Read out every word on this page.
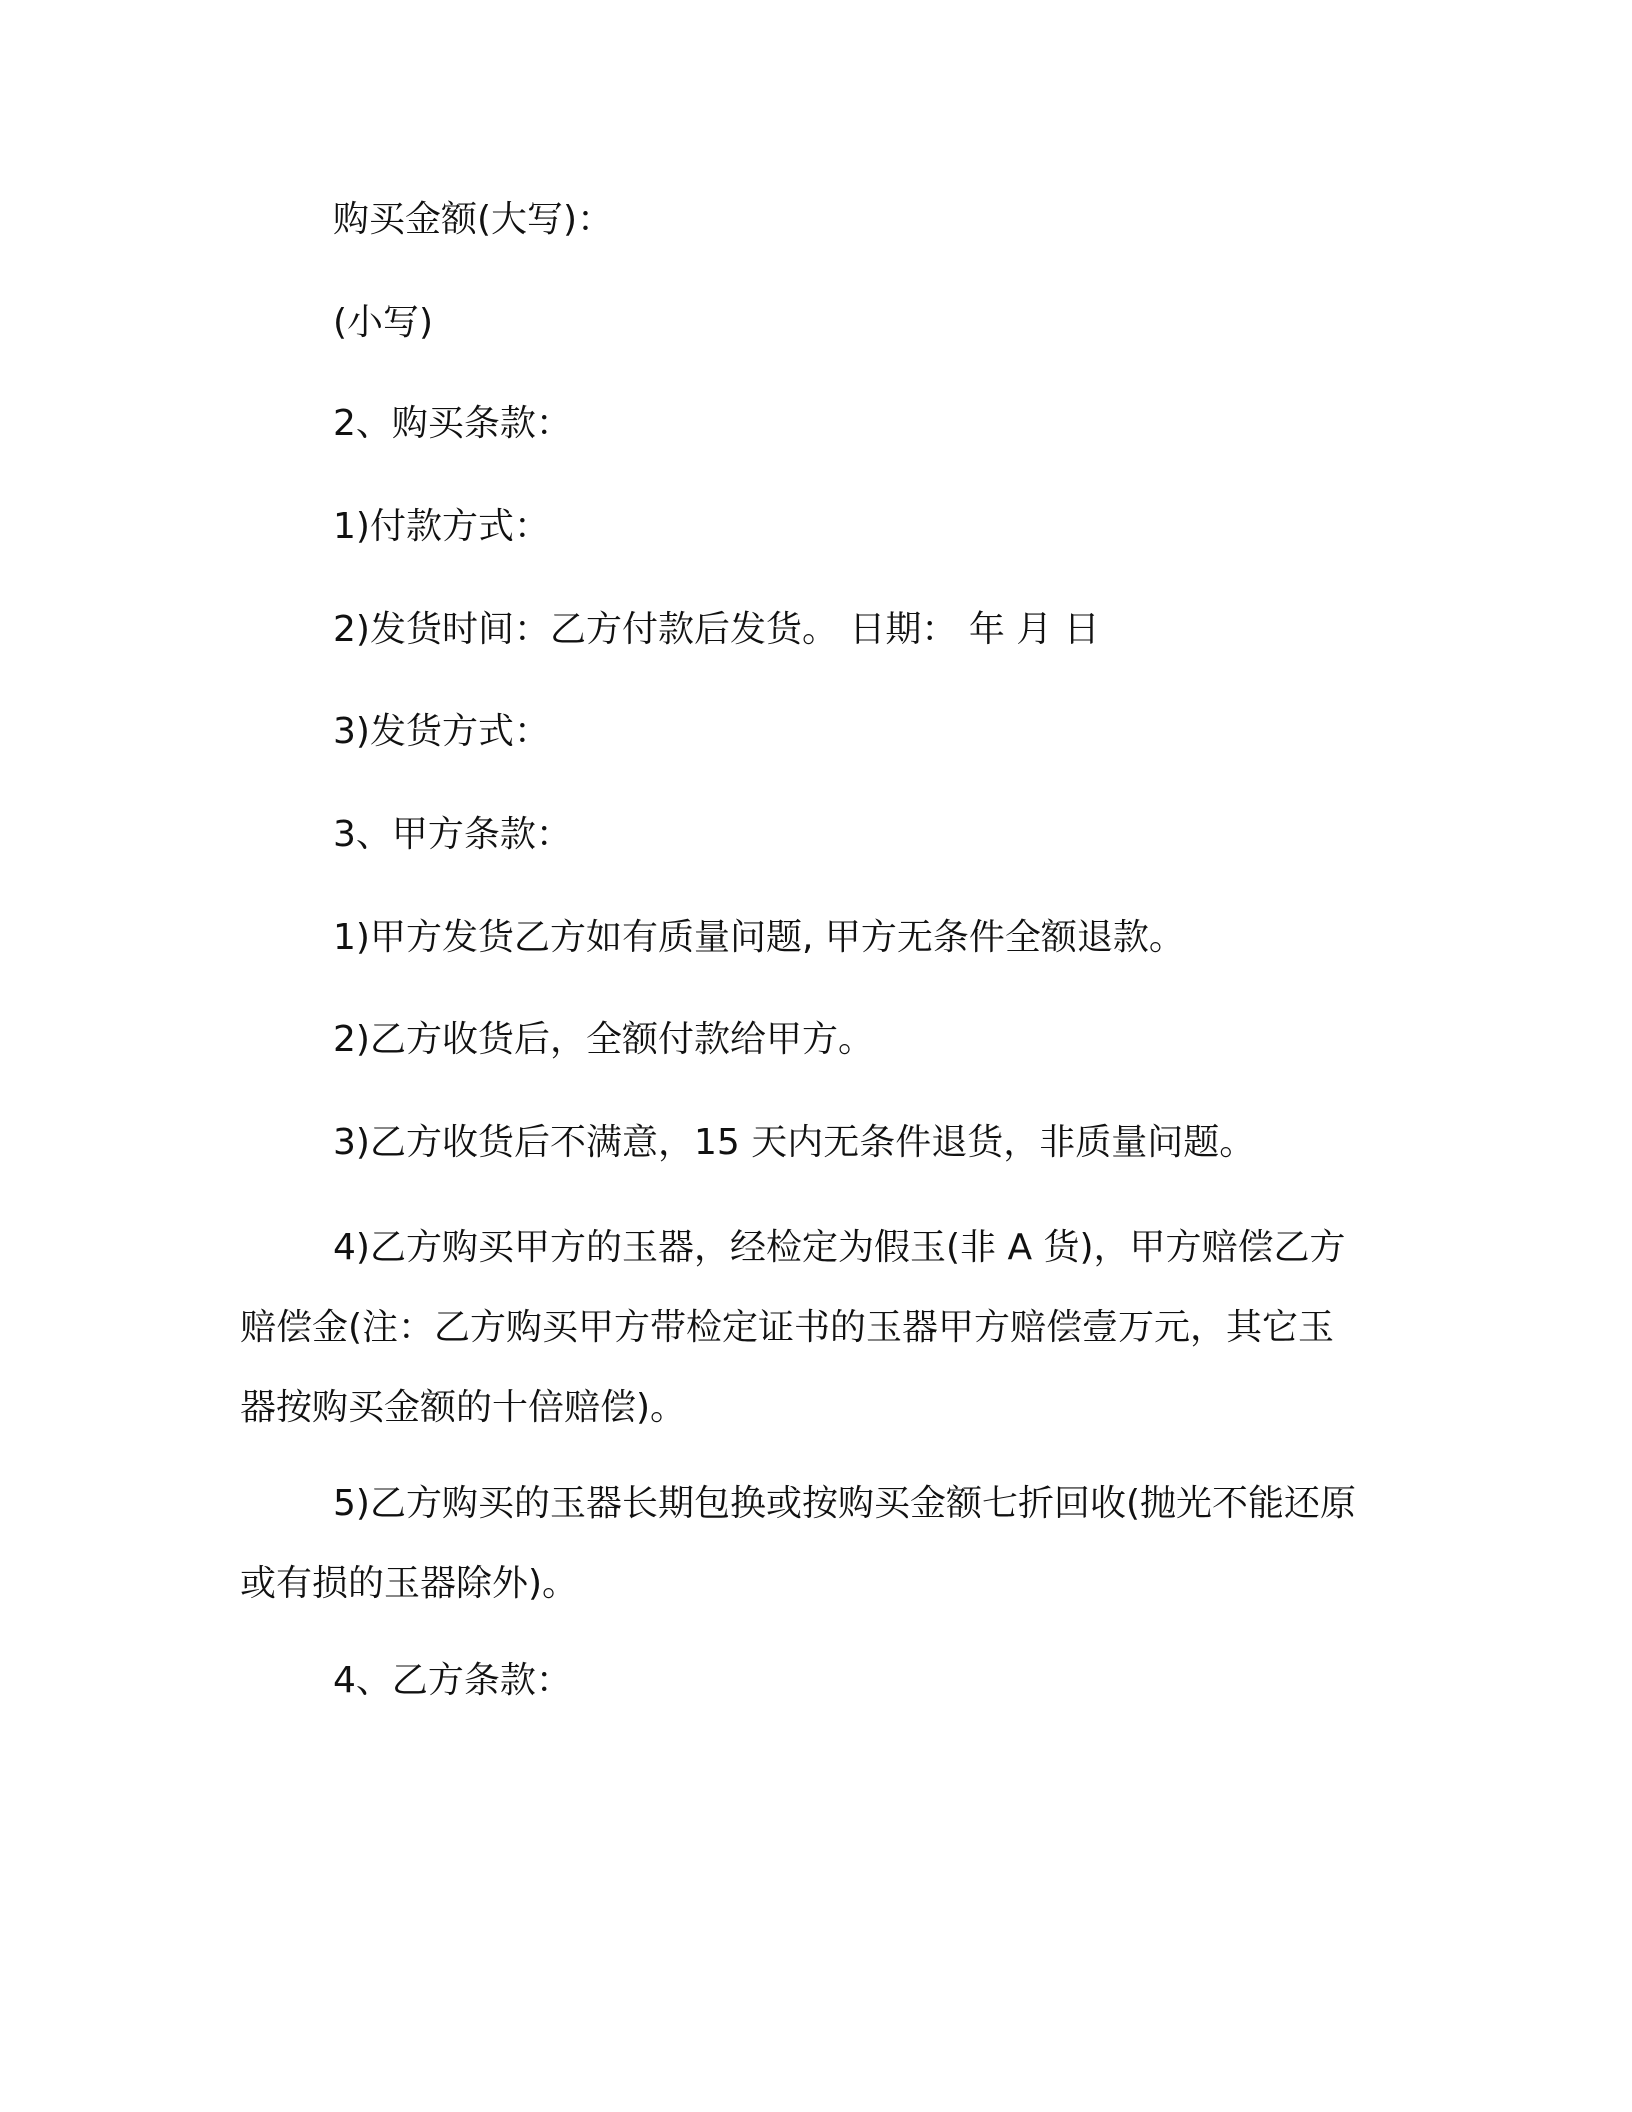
购买金额(大写)：
(小写)
2、购买条款：
1)付款方式：
2)发货时间：乙方付款后发货。 日期： 年 月 日
3)发货方式：
3、甲方条款：
1)甲方发货乙方如有质量问题, 甲方无条件全额退款。
2)乙方收货后，全额付款给甲方。
3)乙方收货后不满意，15 天内无条件退货，非质量问题。
4)乙方购买甲方的玉器，经检定为假玉(非 A 货)，甲方赔偿乙方赔偿金(注：乙方购买甲方带检定证书的玉器甲方赔偿壹万元，其它玉器按购买金额的十倍赔偿)。
5)乙方购买的玉器长期包换或按购买金额七折回收(抛光不能还原或有损的玉器除外)。
4、乙方条款：
